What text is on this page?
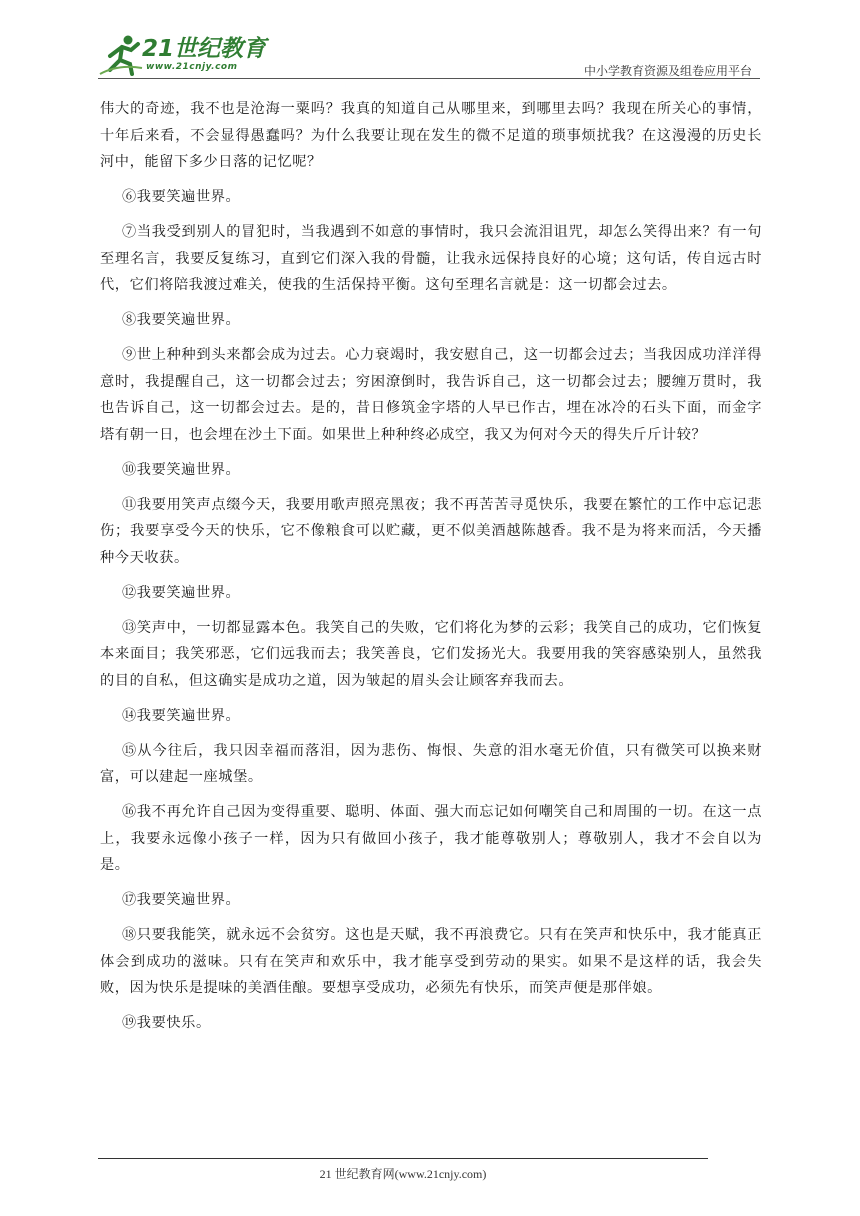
21世纪教育
www.21cnjy.com	中小学教育资源及组卷应用平台

伟大的奇迹，我不也是沧海一粟吗？我真的知道自己从哪里来，到哪里去吗？我现在所关心的事情，十年后来看，不会显得愚蠢吗？为什么我要让现在发生的微不足道的琐事烦扰我？在这漫漫的历史长河中，能留下多少日落的记忆呢？

⑥我要笑遍世界。

⑦当我受到别人的冒犯时，当我遇到不如意的事情时，我只会流泪诅咒，却怎么笑得出来？有一句至理名言，我要反复练习，直到它们深入我的骨髓，让我永远保持良好的心境；这句话，传自远古时代，它们将陪我渡过难关，使我的生活保持平衡。这句至理名言就是：这一切都会过去。

⑧我要笑遍世界。

⑨世上种种到头来都会成为过去。心力衰竭时，我安慰自己，这一切都会过去；当我因成功洋洋得意时，我提醒自己，这一切都会过去；穷困潦倒时，我告诉自己，这一切都会过去；腰缠万贯时，我也告诉自己，这一切都会过去。是的，昔日修筑金字塔的人早已作古，埋在冰冷的石头下面，而金字塔有朝一日，也会埋在沙土下面。如果世上种种终必成空，我又为何对今天的得失斤斤计较？

⑩我要笑遍世界。

⑪我要用笑声点缀今天，我要用歌声照亮黑夜；我不再苦苦寻觅快乐，我要在繁忙的工作中忘记悲伤；我要享受今天的快乐，它不像粮食可以贮藏，更不似美酒越陈越香。我不是为将来而活，今天播种今天收获。

⑫我要笑遍世界。

⑬笑声中，一切都显露本色。我笑自己的失败，它们将化为梦的云彩；我笑自己的成功，它们恢复本来面目；我笑邪恶，它们远我而去；我笑善良，它们发扬光大。我要用我的笑容感染别人，虽然我的目的自私，但这确实是成功之道，因为皱起的眉头会让顾客弃我而去。

⑭我要笑遍世界。

⑮从今往后，我只因幸福而落泪，因为悲伤、悔恨、失意的泪水毫无价值，只有微笑可以换来财富，可以建起一座城堡。

⑯我不再允许自己因为变得重要、聪明、体面、强大而忘记如何嘲笑自己和周围的一切。在这一点上，我要永远像小孩子一样，因为只有做回小孩子，我才能尊敬别人；尊敬别人，我才不会自以为是。

⑰我要笑遍世界。

⑱只要我能笑，就永远不会贫穷。这也是天赋，我不再浪费它。只有在笑声和快乐中，我才能真正体会到成功的滋味。只有在笑声和欢乐中，我才能享受到劳动的果实。如果不是这样的话，我会失败，因为快乐是提味的美酒佳酿。要想享受成功，必须先有快乐，而笑声便是那伴娘。

⑲我要快乐。

21 世纪教育网(www.21cnjy.com)
